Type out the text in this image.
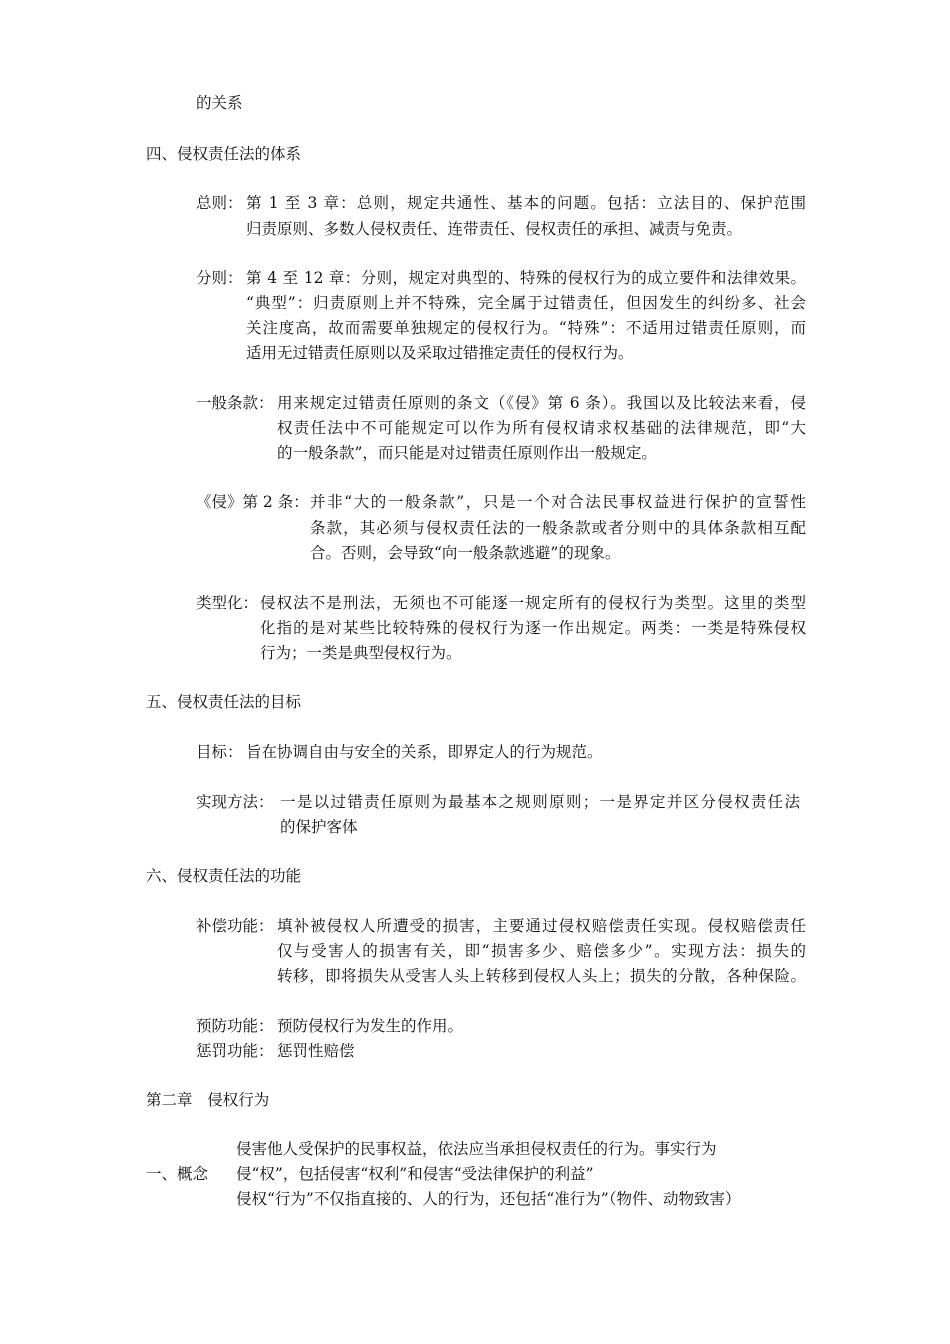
的关系
四、侵权责任法的体系
总则： 第 1 至 3 章：总则，规定共通性、基本的问题。包括：立法目的、保护范围
归责原则、多数人侵权责任、连带责任、侵权责任的承担、减责与免责。
分则： 第 4 至 12 章：分则，规定对典型的、特殊的侵权行为的成立要件和法律效果。
“典型”：归责原则上并不特殊，完全属于过错责任，但因发生的纠纷多、社会
关注度高，故而需要单独规定的侵权行为。“特殊”：不适用过错责任原则，而
适用无过错责任原则以及采取过错推定责任的侵权行为。
一般条款： 用来规定过错责任原则的条文（《侵》第 6 条）。我国以及比较法来看，侵
权责任法中不可能规定可以作为所有侵权请求权基础的法律规范，即“大
的一般条款”，而只能是对过错责任原则作出一般规定。
《侵》第 2 条： 并非“大的一般条款”，只是一个对合法民事权益进行保护的宣誓性
条款，其必须与侵权责任法的一般条款或者分则中的具体条款相互配
合。否则，会导致“向一般条款逃避”的现象。
类型化： 侵权法不是刑法，无须也不可能逐一规定所有的侵权行为类型。这里的类型
化指的是对某些比较特殊的侵权行为逐一作出规定。两类：一类是特殊侵权
行为；一类是典型侵权行为。
五、侵权责任法的目标
目标： 旨在协调自由与安全的关系，即界定人的行为规范。
实现方法： 一是以过错责任原则为最基本之规则原则；一是界定并区分侵权责任法
的保护客体
六、侵权责任法的功能
补偿功能： 填补被侵权人所遭受的损害，主要通过侵权赔偿责任实现。侵权赔偿责任
仅与受害人的损害有关，即“损害多少、赔偿多少”。实现方法：损失的
转移，即将损失从受害人头上转移到侵权人头上；损失的分散，各种保险。
预防功能： 预防侵权行为发生的作用。
惩罚功能： 惩罚性赔偿
第二章   侵权行为
一、概念
侵害他人受保护的民事权益，依法应当承担侵权责任的行为。事实行为
侵“权”，包括侵害“权利”和侵害“受法律保护的利益”
侵权“行为”不仅指直接的、人的行为，还包括“准行为”（物件、动物致害）
